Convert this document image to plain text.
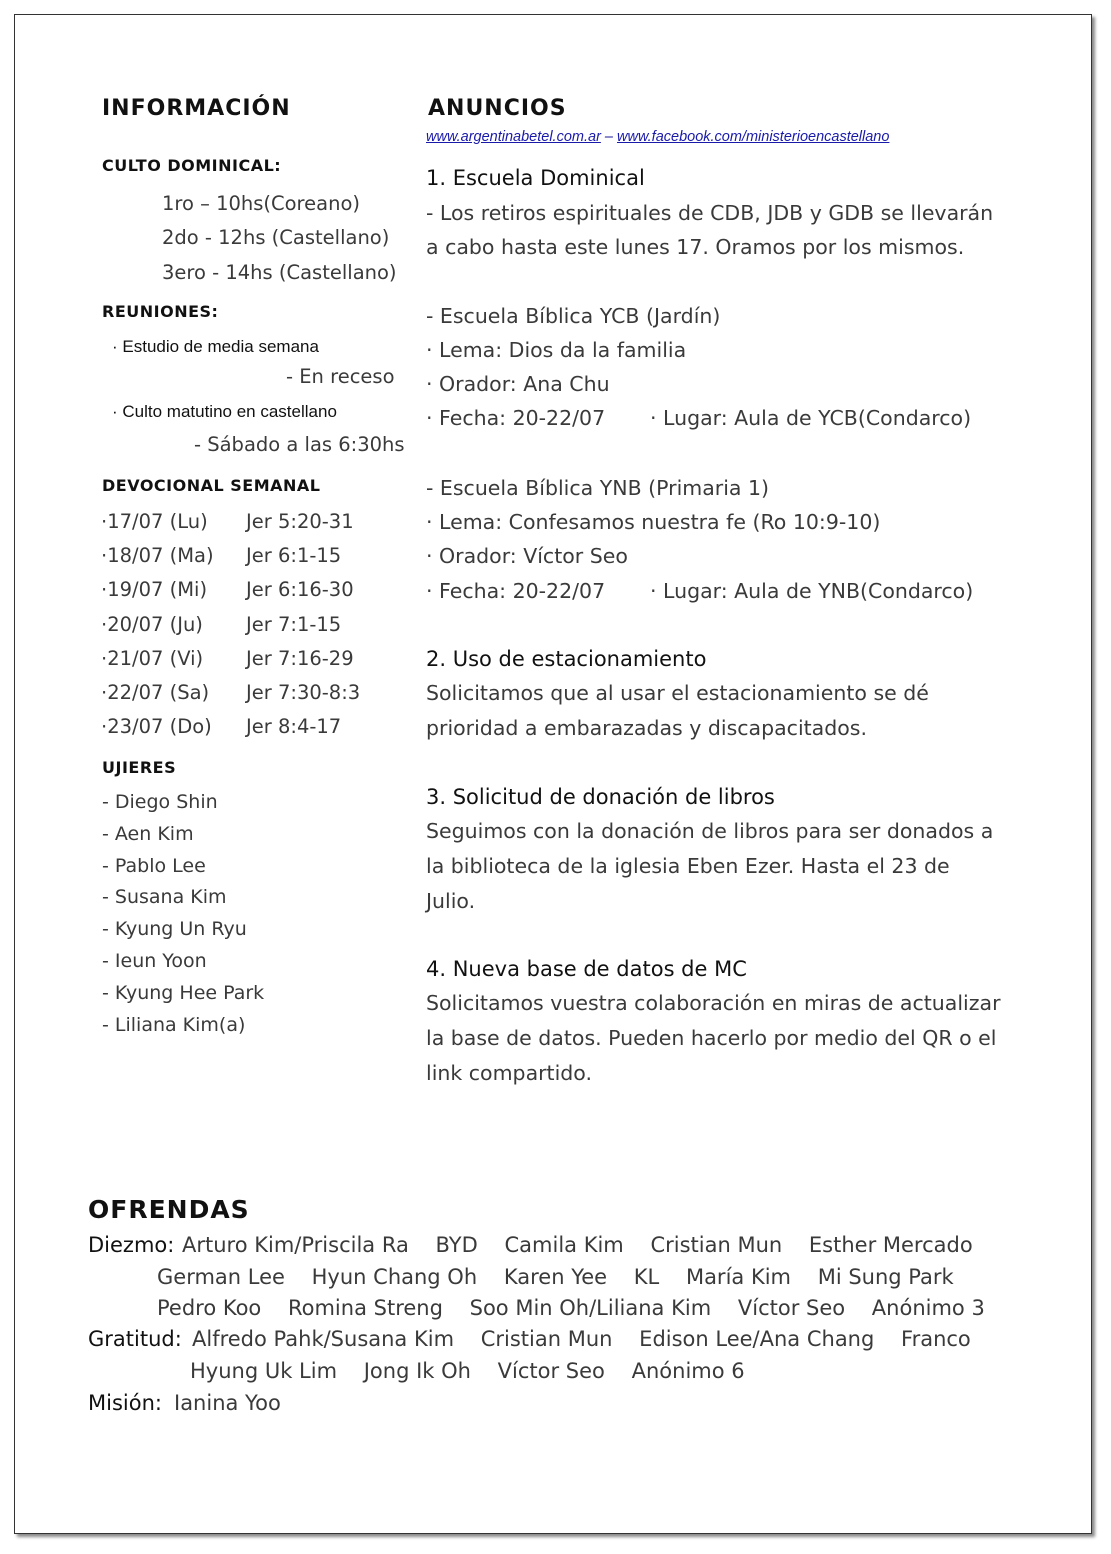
INFORMACIÓN
CULTO DOMINICAL:
1ro – 10hs(Coreano)
2do - 12hs (Castellano)
3ero - 14hs (Castellano)
REUNIONES:
· Estudio de media semana
- En receso
· Culto matutino en castellano
- Sábado a las 6:30hs
DEVOCIONAL SEMANAL
·17/07 (Lu) Jer 5:20-31
·18/07 (Ma) Jer 6:1-15
·19/07 (Mi) Jer 6:16-30
·20/07 (Ju) Jer 7:1-15
·21/07 (Vi) Jer 7:16-29
·22/07 (Sa) Jer 7:30-8:3
·23/07 (Do) Jer 8:4-17
UJIERES
- Diego Shin
- Aen Kim
- Pablo Lee
- Susana Kim
- Kyung Un Ryu
- Ieun Yoon
- Kyung Hee Park
- Liliana Kim(a)
ANUNCIOS
www.argentinabetel.com.ar – www.facebook.com/ministerioencastellano
1. Escuela Dominical
- Los retiros espirituales de CDB, JDB y GDB se llevarán
a cabo hasta este lunes 17. Oramos por los mismos.
- Escuela Bíblica YCB (Jardín)
· Lema: Dios da la familia
· Orador: Ana Chu
· Fecha: 20-22/07 · Lugar: Aula de YCB(Condarco)
- Escuela Bíblica YNB (Primaria 1)
· Lema: Confesamos nuestra fe (Ro 10:9-10)
· Orador: Víctor Seo
· Fecha: 20-22/07 · Lugar: Aula de YNB(Condarco)
2. Uso de estacionamiento
Solicitamos que al usar el estacionamiento se dé
prioridad a embarazadas y discapacitados.
3. Solicitud de donación de libros
Seguimos con la donación de libros para ser donados a
la biblioteca de la iglesia Eben Ezer. Hasta el 23 de
Julio.
4. Nueva base de datos de MC
Solicitamos vuestra colaboración en miras de actualizar
la base de datos. Pueden hacerlo por medio del QR o el
link compartido.
OFRENDAS
Diezmo: Arturo Kim/Priscila Ra    BYD    Camila Kim    Cristian Mun    Esther Mercado
German Lee    Hyun Chang Oh    Karen Yee    KL    María Kim    Mi Sung Park
Pedro Koo    Romina Streng    Soo Min Oh/Liliana Kim    Víctor Seo    Anónimo 3
Gratitud: Alfredo Pahk/Susana Kim    Cristian Mun    Edison Lee/Ana Chang    Franco
Hyung Uk Lim    Jong Ik Oh    Víctor Seo    Anónimo 6
Misión: Ianina Yoo
